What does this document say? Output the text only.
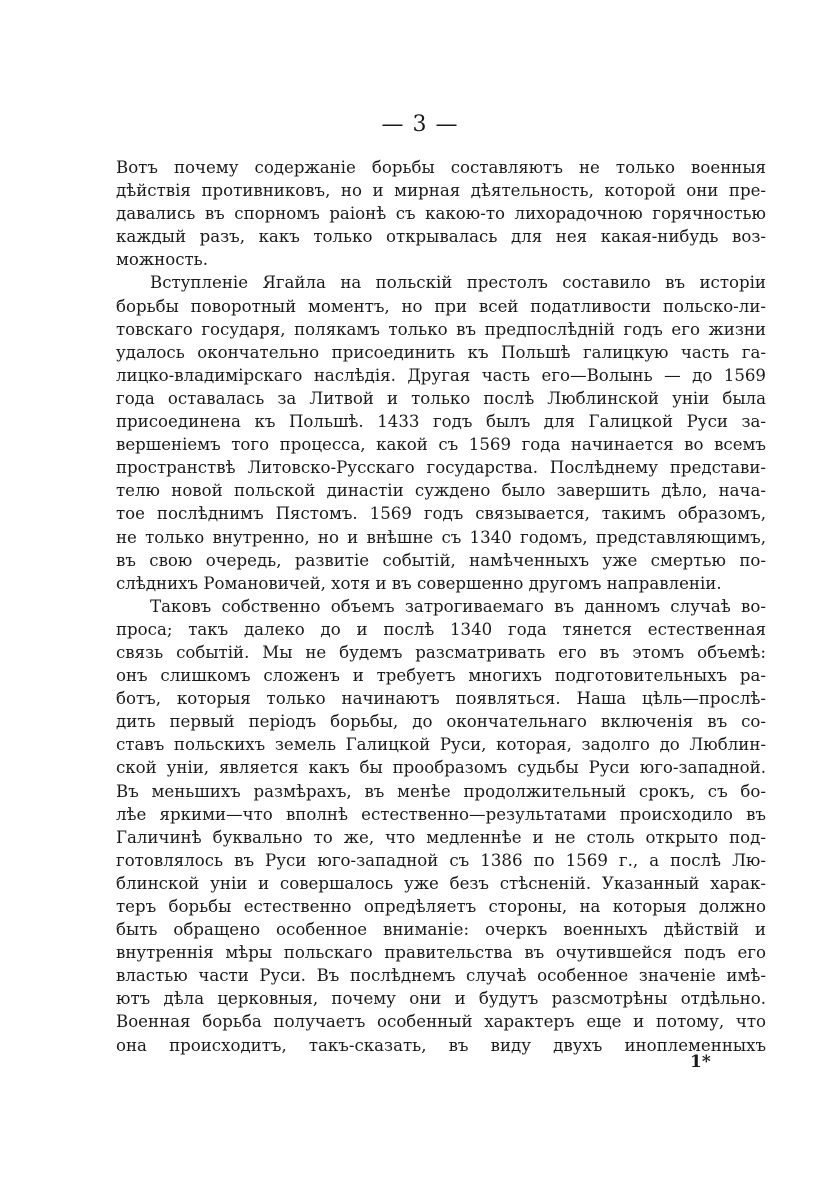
— 3 —
Вотъ почему содержаніе борьбы составляютъ не только военныя
дѣйствія противниковъ, но и мирная дѣятельность, которой они пре-
давались въ спорномъ раіонѣ съ какою-то лихорадочною горячностью
каждый разъ, какъ только открывалась для нея какая-нибудь воз-
можность.
Вступленіе Ягайла на польскій престолъ составило въ исторіи
борьбы поворотный моментъ, но при всей податливости польско-ли-
товскаго государя, полякамъ только въ предпослѣдній годъ его жизни
удалось окончательно присоединить къ Польшѣ галицкую часть га-
лицко-владимірскаго наслѣдія. Другая часть его—Волынь — до 1569
года оставалась за Литвой и только послѣ Люблинской уніи была
присоединена къ Польшѣ. 1433 годъ былъ для Галицкой Руси за-
вершеніемъ того процесса, какой съ 1569 года начинается во всемъ
пространствѣ Литовско-Русскаго государства. Послѣднему представи-
телю новой польской династіи суждено было завершить дѣло, нача-
тое послѣднимъ Пястомъ. 1569 годъ связывается, такимъ образомъ,
не только внутренно, но и внѣшне съ 1340 годомъ, представляющимъ,
въ свою очередь, развитіе событій, намѣченныхъ уже смертью по-
слѣднихъ Романовичей, хотя и въ совершенно другомъ направленіи.
Таковъ собственно объемъ затрогиваемаго въ данномъ случаѣ во-
проса; такъ далеко до и послѣ 1340 года тянется естественная
связь событій. Мы не будемъ разсматривать его въ этомъ объемѣ:
онъ слишкомъ сложенъ и требуетъ многихъ подготовительныхъ ра-
ботъ, которыя только начинаютъ появляться. Наша цѣль—прослѣ-
дить первый періодъ борьбы, до окончательнаго включенія въ со-
ставъ польскихъ земель Галицкой Руси, которая, задолго до Люблин-
ской уніи, является какъ бы прообразомъ судьбы Руси юго-западной.
Въ меньшихъ размѣрахъ, въ менѣе продолжительный срокъ, съ бо-
лѣе яркими—что вполнѣ естественно—результатами происходило въ
Галичинѣ буквально то же, что медленнѣе и не столь открыто под-
готовлялось въ Руси юго-западной съ 1386 по 1569 г., а послѣ Лю-
блинской уніи и совершалось уже безъ стѣсненій. Указанный харак-
теръ борьбы естественно опредѣляетъ стороны, на которыя должно
быть обращено особенное вниманіе: очеркъ военныхъ дѣйствій и
внутреннія мѣры польскаго правительства въ очутившейся подъ его
властью части Руси. Въ послѣднемъ случаѣ особенное значеніе имѣ-
ютъ дѣла церковныя, почему они и будутъ разсмотрѣны отдѣльно.
Военная борьба получаетъ особенный характеръ еще и потому, что
она происходитъ, такъ-сказать, въ виду двухъ иноплеменныхъ
1*
